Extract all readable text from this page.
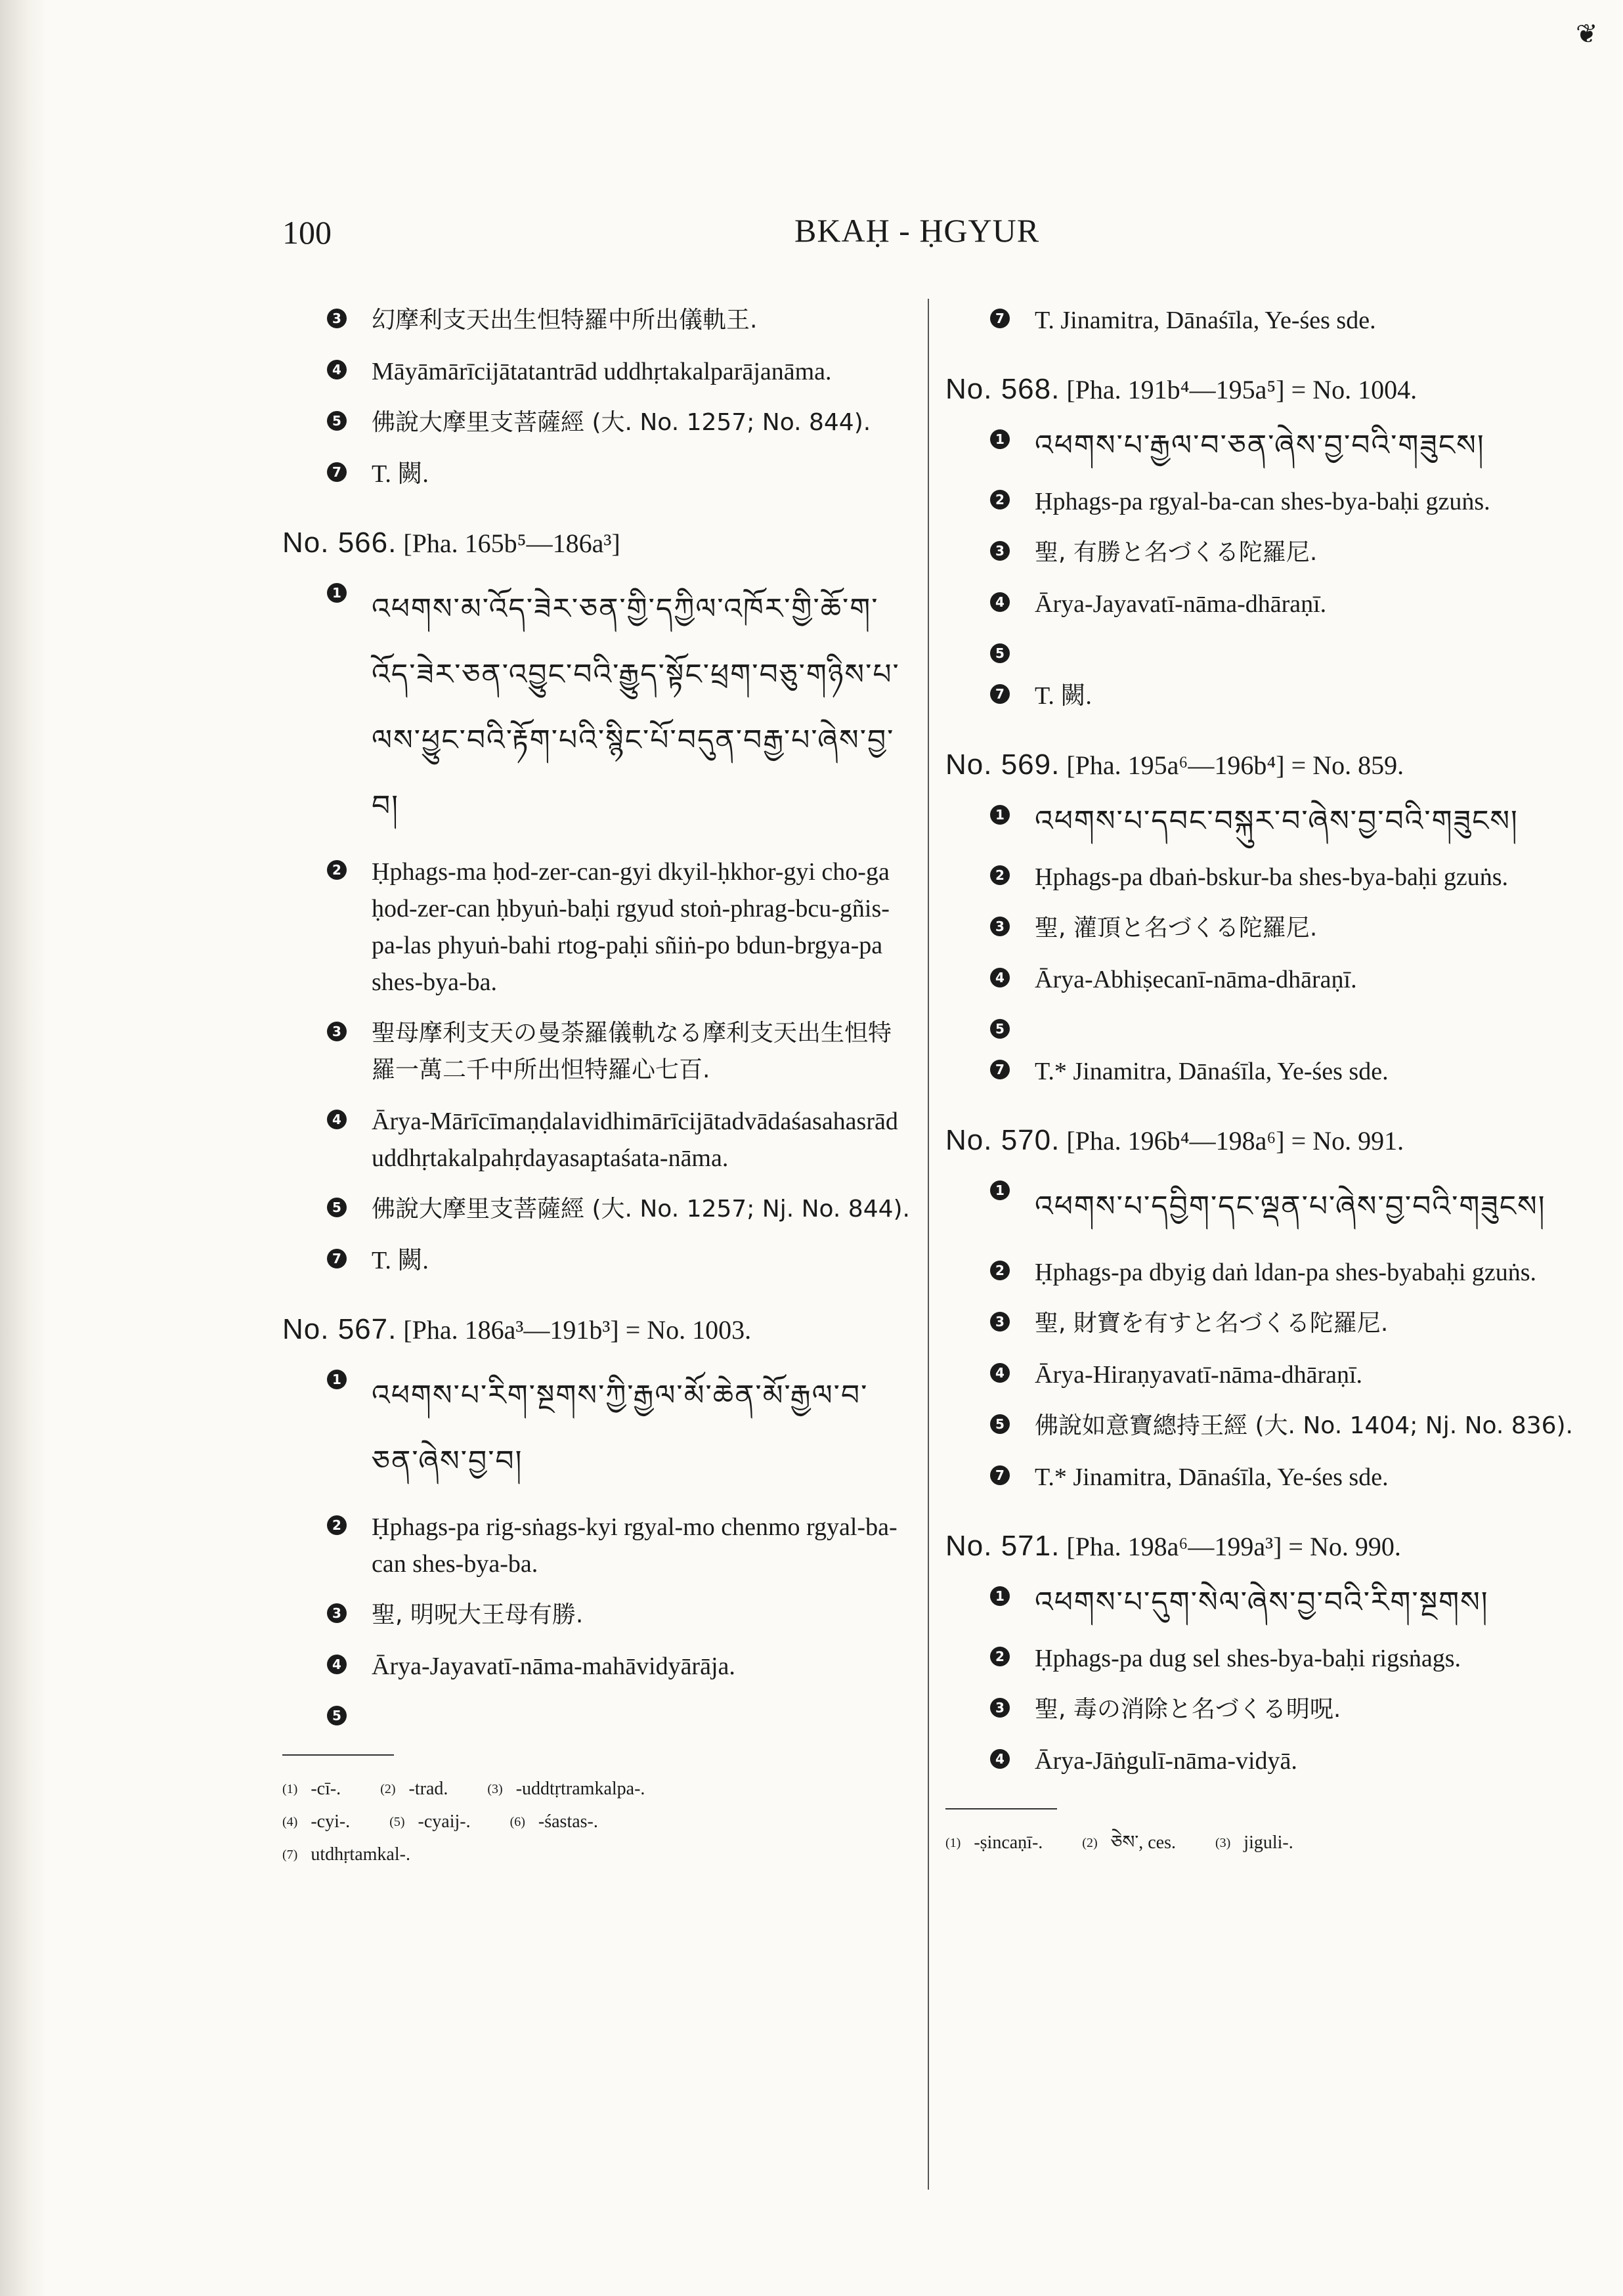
❦
100	BKAḤ - ḤGYUR
3 幻摩利支天出生怛特羅中所出儀軌王.
4 Māyāmārīcijātatantrād uddhṛtakalparājanāma.
5 佛說大摩里支菩薩經 (大. No. 1257; No. 844).
7 T. 闕.
No. 566. [Pha. 165b⁵—186a³]
1 འཕགས་མ་འོད་ཟེར་ཅན་གྱི་དཀྱིལ་འཁོར་གྱི་ཆོ་ག་འོད་ཟེར་ཅན་འབྱུང་བའི་རྒྱུད་སྟོང་ཕྲག་བཅུ་གཉིས་པ་ལས་ཕྱུང་བའི་རྟོག་པའི་སྙིང་པོ་བདུན་བརྒྱ་པ་ཞེས་བྱ་བ།
2 Ḥphags-ma ḥod-zer-can-gyi dkyil-ḥkhor-gyi cho-ga ḥod-zer-can ḥbyuṅ-baḥi rgyud stoṅ-phrag-bcu-gñis-pa-las phyuṅ-bahi rtog-paḥi sñiṅ-po bdun-brgya-pa shes-bya-ba.
3 聖母摩利支天の曼荼羅儀軌なる摩利支天出生怛特羅一萬二千中所出怛特羅心七百.
4 Ārya-Mārīcīmaṇḍalavidhimārīcijātadvādaśasahasrād uddhṛtakalpahṛdayasaptaśata-nāma.
5 佛說大摩里支菩薩經 (大. No. 1257; Nj. No. 844).
7 T. 闕.
No. 567. [Pha. 186a³—191b³] = No. 1003.
1 འཕགས་པ་རིག་སྔགས་ཀྱི་རྒྱལ་མོ་ཆེན་མོ་རྒྱལ་བ་ཅན་ཞེས་བྱ་བ།
2 Ḥphags-pa rig-sṅags-kyi rgyal-mo chenmo rgyal-ba-can shes-bya-ba.
3 聖, 明呪大王母有勝.
4 Ārya-Jayavatī-nāma-mahāvidyārāja.
5
(1) -cī-.	(2) -trad.	(3) -uddtṛtramkalpa-.
(4) -cyi-.	(5) -cyaij-.	(6) -śastas-.
(7) utdhṛtamkal-.
7 T. Jinamitra, Dānaśīla, Ye-śes sde.
No. 568. [Pha. 191b⁴—195a⁵] = No. 1004.
1 འཕགས་པ་རྒྱལ་བ་ཅན་ཞེས་བྱ་བའི་གཟུངས།
2 Ḥphags-pa rgyal-ba-can shes-bya-baḥi gzuṅs.
3 聖, 有勝と名づくる陀羅尼.
4 Ārya-Jayavatī-nāma-dhāraṇī.
5
7 T. 闕.
No. 569. [Pha. 195a⁶—196b⁴] = No. 859.
1 འཕགས་པ་དབང་བསྐུར་བ་ཞེས་བྱ་བའི་གཟུངས།
2 Ḥphags-pa dbaṅ-bskur-ba shes-bya-baḥi gzuṅs.
3 聖, 灌頂と名づくる陀羅尼.
4 Ārya-Abhiṣecanī-nāma-dhāraṇī.
5
7 T.* Jinamitra, Dānaśīla, Ye-śes sde.
No. 570. [Pha. 196b⁴—198a⁶] = No. 991.
1 འཕགས་པ་དབྱིག་དང་ལྡན་པ་ཞེས་བྱ་བའི་གཟུངས།
2 Ḥphags-pa dbyig daṅ ldan-pa shes-byabaḥi gzuṅs.
3 聖, 財寶を有すと名づくる陀羅尼.
4 Ārya-Hiraṇyavatī-nāma-dhāraṇī.
5 佛說如意寶總持王經 (大. No. 1404; Nj. No. 836).
7 T.* Jinamitra, Dānaśīla, Ye-śes sde.
No. 571. [Pha. 198a⁶—199a³] = No. 990.
1 འཕགས་པ་དུག་སེལ་ཞེས་བྱ་བའི་རིག་སྔགས།
2 Ḥphags-pa dug sel shes-bya-baḥi rigsṅags.
3 聖, 毒の消除と名づくる明呪.
4 Ārya-Jāṅgulī-nāma-vidyā.
(1) -ṣincaṇī-.	(2) ཅེས་, ces.	(3) jiguli-.
